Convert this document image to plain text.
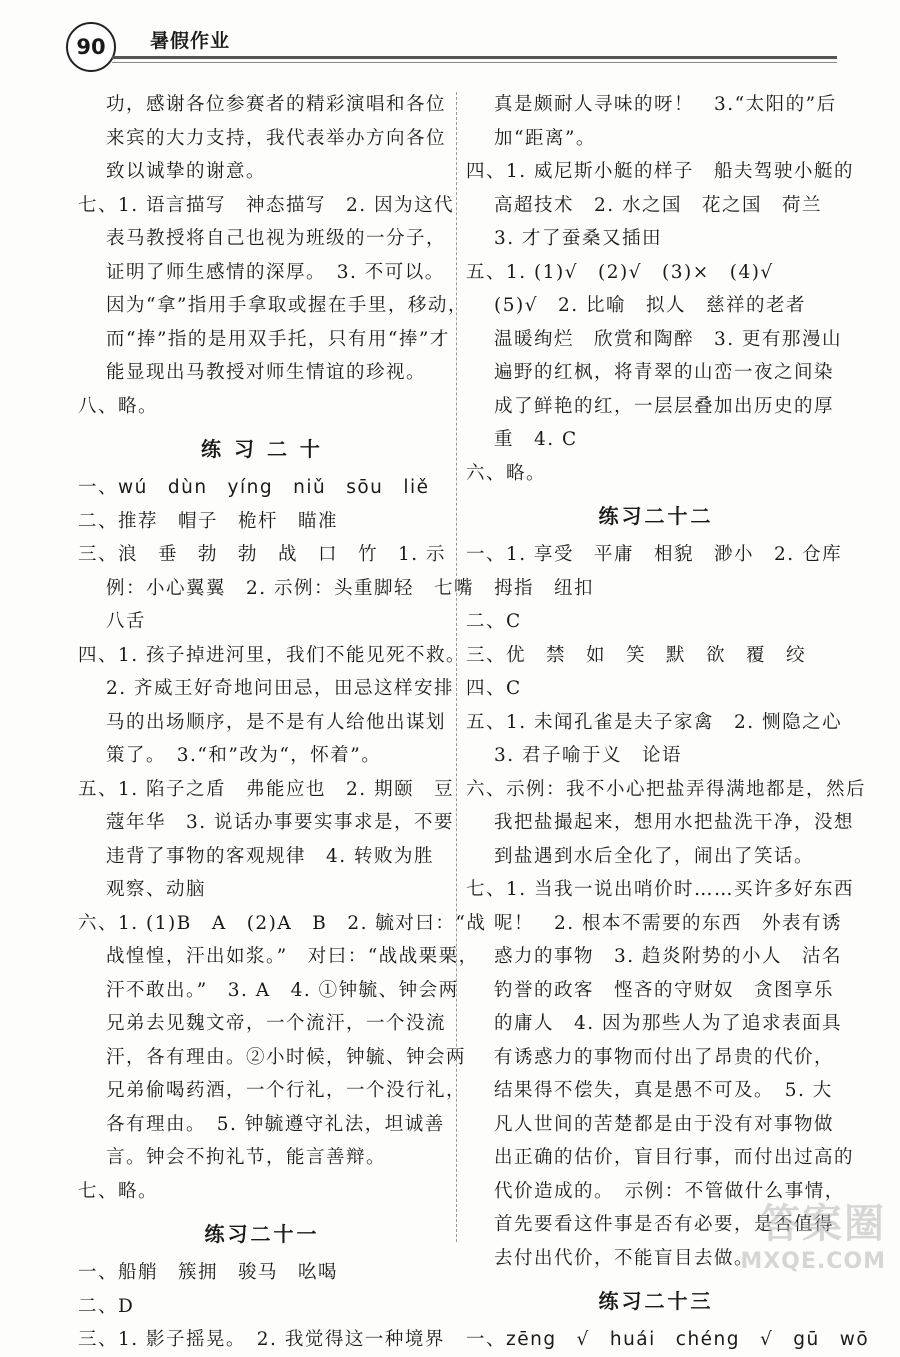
90	暑假作业
功，感谢各位参赛者的精彩演唱和各位
来宾的大力支持，我代表举办方向各位
致以诚挚的谢意。
七、1. 语言描写　神态描写　2. 因为这代
表马教授将自己也视为班级的一分子，
证明了师生感情的深厚。　3. 不可以。
因为“拿”指用手拿取或握在手里，移动，
而“捧”指的是用双手托，只有用“捧”才
能显现出马教授对师生情谊的珍视。
八、略。
练 习 二 十
一、wú　dùn　yíng　niǔ　sōu　liě
二、推荐　帽子　桅杆　瞄准
三、浪　垂　勃　勃　战　口　竹　1. 示
例：小心翼翼　2. 示例：头重脚轻　七嘴
八舌
四、1. 孩子掉进河里，我们不能见死不救。
2. 齐威王好奇地问田忌，田忌这样安排
马的出场顺序，是不是有人给他出谋划
策了。　3.“和”改为“，怀着”。
五、1. 陷子之盾　弗能应也　2. 期颐　豆
蔻年华　3. 说话办事要实事求是，不要
违背了事物的客观规律　4. 转败为胜
观察、动脑
六、1. (1)B　A　(2)A　B　2. 毓对曰：“战
战惶惶，汗出如浆。”　对曰：“战战栗栗，
汗不敢出。”　3. A　4. ①钟毓、钟会两
兄弟去见魏文帝，一个流汗，一个没流
汗，各有理由。②小时候，钟毓、钟会两
兄弟偷喝药酒，一个行礼，一个没行礼，
各有理由。　5. 钟毓遵守礼法，坦诚善
言。钟会不拘礼节，能言善辩。
七、略。
练习二十一
一、船艄　簇拥　骏马　吆喝
二、D
三、1. 影子摇晃。　2. 我觉得这一种境界
真是颇耐人寻味的呀！　3.“太阳的”后
加“距离”。
四、1. 威尼斯小艇的样子　船夫驾驶小艇的
高超技术　2. 水之国　花之国　荷兰
3. 才了蚕桑又插田
五、1. (1)√　(2)√　(3)×　(4)√
(5)√　2. 比喻　拟人　慈祥的老者
温暖绚烂　欣赏和陶醉　3. 更有那漫山
遍野的红枫，将青翠的山峦一夜之间染
成了鲜艳的红，一层层叠加出历史的厚
重　4. C
六、略。
练习二十二
一、1. 享受　平庸　相貌　渺小　2. 仓库
拇指　纽扣
二、C
三、优　禁　如　笑　默　欲　覆　绞
四、C
五、1. 未闻孔雀是夫子家禽　2. 恻隐之心
3. 君子喻于义　论语
六、示例：我不小心把盐弄得满地都是，然后
我把盐撮起来，想用水把盐洗干净，没想
到盐遇到水后全化了，闹出了笑话。
七、1. 当我一说出哨价时……买许多好东西
呢！　2. 根本不需要的东西　外表有诱
惑力的事物　3. 趋炎附势的小人　沽名
钓誉的政客　悭吝的守财奴　贪图享乐
的庸人　4. 因为那些人为了追求表面具
有诱惑力的事物而付出了昂贵的代价，
结果得不偿失，真是愚不可及。　5. 大
凡人世间的苦楚都是由于没有对事物做
出正确的估价，盲目行事，而付出过高的
代价造成的。　示例：不管做什么事情，
首先要看这件事是否有必要，是否值得
去付出代价，不能盲目去做。
练习二十三
一、zēng　√　huái　chéng　√　gū　wō
答案圈
MXQE.COM
